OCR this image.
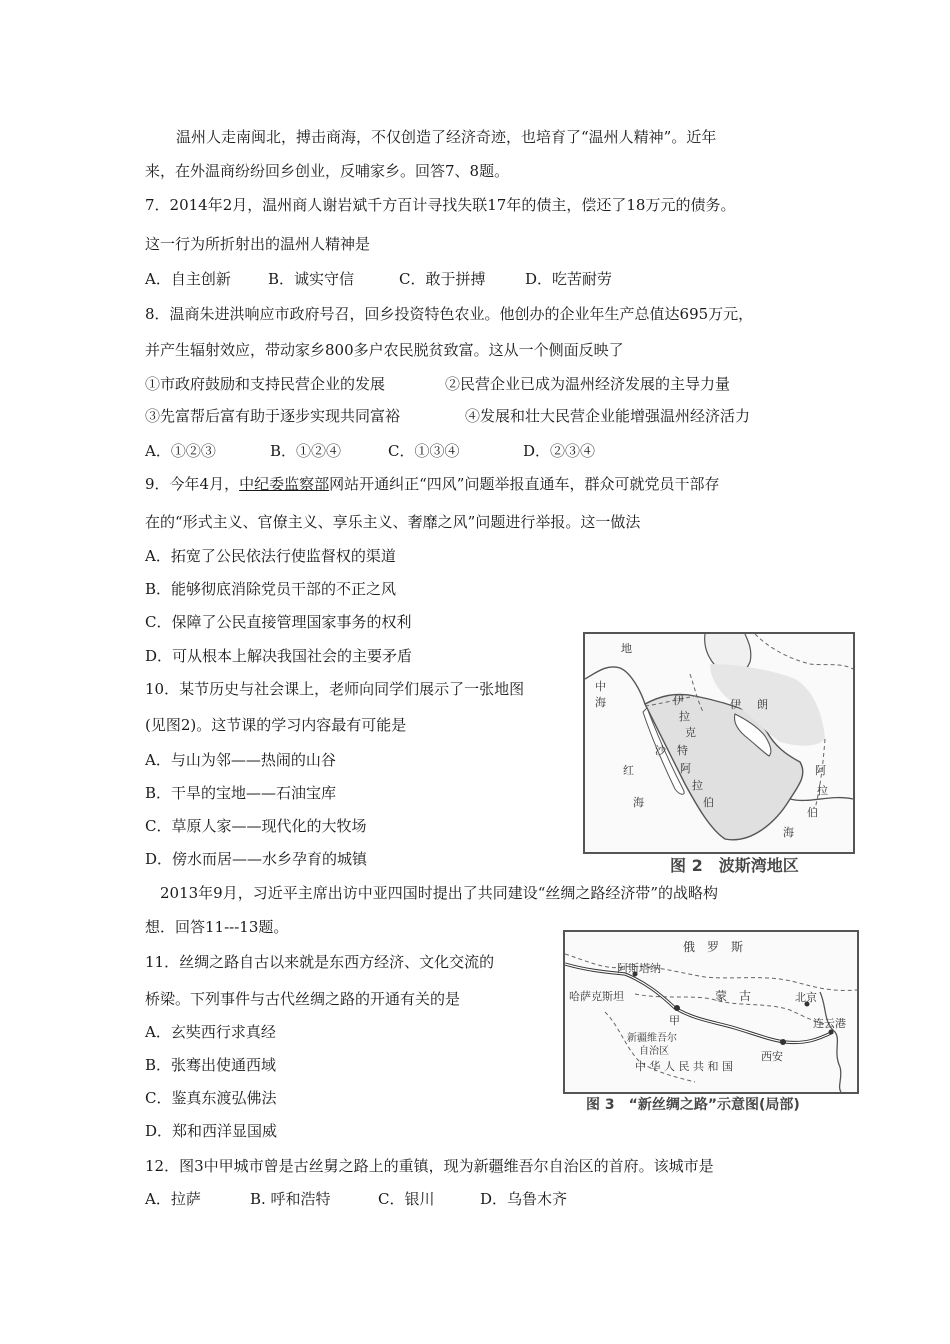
温州人走南闽北，搏击商海，不仅创造了经济奇迹，也培育了“温州人精神”。近年
来，在外温商纷纷回乡创业，反哺家乡。回答7、8题。
7．2014年2月，温州商人谢岩斌千方百计寻找失联17年的债主，偿还了18万元的债务。
这一行为所折射出的温州人精神是
A．自主创新 B．诚实守信	C．敢于拼搏	D．吃苦耐劳
8．温商朱进洪响应市政府号召，回乡投资特色农业。他创办的企业年生产总值达695万元，
并产生辐射效应，带动家乡800多户农民脱贫致富。这从一个侧面反映了
①市政府鼓励和支持民营企业的发展	②民营企业已成为温州经济发展的主导力量
③先富帮后富有助于逐步实现共同富裕	④发展和壮大民营企业能增强温州经济活力
A．①②③	B．①②④	C．①③④	D．②③④
9．今年4月，中纪委监察部网站开通纠正“四风”问题举报直通车，群众可就党员干部存
在的“形式主义、官僚主义、享乐主义、奢靡之风”问题进行举报。这一做法
A．拓宽了公民依法行使监督权的渠道
B．能够彻底消除党员干部的不正之风
C．保障了公民直接管理国家事务的权利
D．可从根本上解决我国社会的主要矛盾
10．某节历史与社会课上，老师向同学们展示了一张地图
(见图2)。这节课的学习内容最有可能是
A．与山为邻——热闹的山谷
B．干旱的宝地——石油宝库
C．草原人家——现代化的大牧场
D．傍水而居——水乡孕育的城镇
地
中
海	伊
拉
克
伊 朗
沙 特
阿
拉
伯
红
海
阿
拉
伯
海
图 2　波斯湾地区
2013年9月，习近平主席出访中亚四国时提出了共同建设“丝绸之路经济带”的战略构
想．回答11---13题。
11．丝绸之路自古以来就是东西方经济、文化交流的
桥梁。下列事件与古代丝绸之路的开通有关的是
A．玄奘西行求真经
B．张骞出使通西域
C．鉴真东渡弘佛法
D．郑和西洋显国威
俄　罗　斯
阿斯塔纳
哈萨克斯坦	蒙　古	北京
甲
新疆维吾尔
自治区
中 华 人 民 共 和 国
西安
连云港
图 3　“新丝绸之路”示意图(局部)
12．图3中甲城市曾是古丝舅之路上的重镇，现为新疆维吾尔自治区的首府。该城市是
A．拉萨	B. 呼和浩特	C．银川	D．乌鲁木齐
